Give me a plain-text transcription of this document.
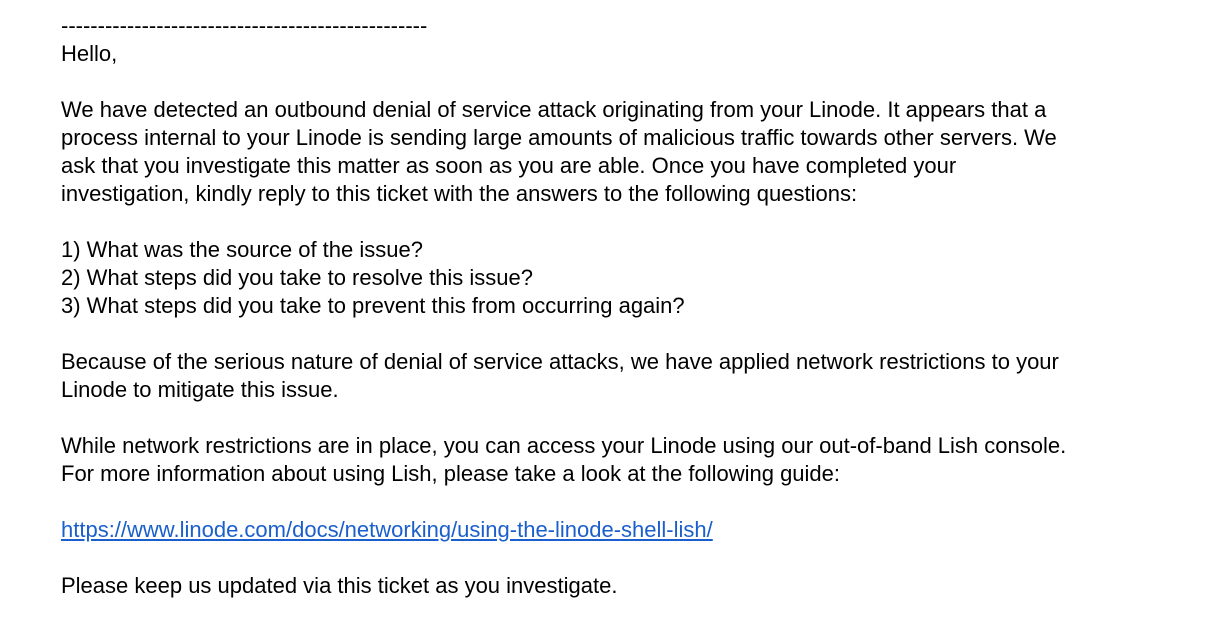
--------------------------------------------------
Hello,
We have detected an outbound denial of service attack originating from your Linode. It appears that a
process internal to your Linode is sending large amounts of malicious traffic towards other servers. We
ask that you investigate this matter as soon as you are able. Once you have completed your
investigation, kindly reply to this ticket with the answers to the following questions:
1) What was the source of the issue?
2) What steps did you take to resolve this issue?
3) What steps did you take to prevent this from occurring again?
Because of the serious nature of denial of service attacks, we have applied network restrictions to your
Linode to mitigate this issue.
While network restrictions are in place, you can access your Linode using our out-of-band Lish console.
For more information about using Lish, please take a look at the following guide:
https://www.linode.com/docs/networking/using-the-linode-shell-lish/
Please keep us updated via this ticket as you investigate.
